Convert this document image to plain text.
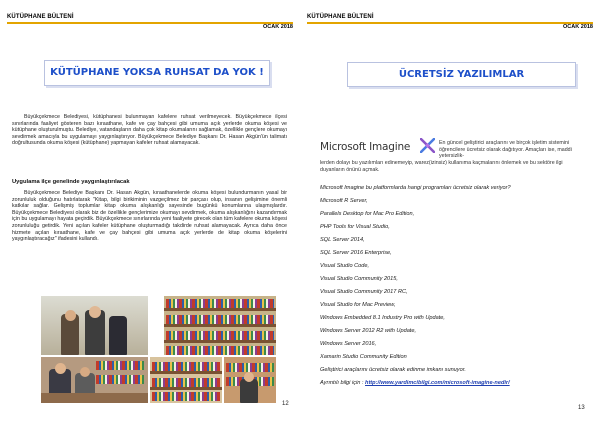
KÜTÜPHANE BÜLTENİ
OCAK 2018
KÜTÜPHANE YOKSA RUHSAT DA YOK !
Büyükçekmece Belediyesi, kütüphanesi bulunmayan kafelere ruhsat verilmeyecek. Büyükçekmece ilçesi sınırlarında faaliyet gösteren bazı kıraathane, kafe ve çay bahçesi gibi umuma açık yerlerde okuma köşesi ve kütüphane oluşturulmuştu. Belediye, vatandaşların daha çok kitap okumalarını sağlamak, özellikle gençlere okumayı sevdirmek amacıyla bu uygulamayı yaygınlaştırıyor. Büyükçekmece Belediye Başkanı Dr. Hasan Akgün'ün talimatı doğrultusunda okuma köşesi (kütüphane) yapmayan kafeler ruhsat alamayacak.
Uygulama ilçe genelinde yaygınlaştırılacak
Büyükçekmece Belediye Başkanı Dr. Hasan Akgün, kıraathanelerde okuma köşesi bulundurmanın yasal bir zorunluluk olduğunu hatırlatarak "Kitap, bilgi birikiminin vazgeçilmez bir parçası olup, insanın gelişimine önemli katkılar sağlar. Gelişmiş toplumlar kitap okuma alışkanlığı sayesinde bugünkü konumlarına ulaşmışlardır. Büyükçekmece Belediyesi olarak biz de özellikle gençlerimize okumayı sevdirmek, okuma alışkanlığını kazandırmak için bu uygulamayı hayata geçirdik. Büyükçekmece sınırlarında yeni faaliyete girecek olan tüm kafelere okuma köşesi zorunluluğu getirdik. Yeni açılan kafeler kütüphane oluşturmadığı takdirde ruhsat alamayacak. Ayrıca daha önce hizmete açılan kıraathane, kafe ve çay bahçesi gibi umuma açık yerlerde de kitap okuma köşelerini yaygınlaştıracağız" ifadesini kullandı.
12
KÜTÜPHANE BÜLTENİ
OCAK 2018
ÜCRETSİZ YAZILIMLAR
Microsoft Imagine	En güncel geliştirici araçlarını ve birçok işletim sistemini öğrencilere ücretsiz olarak dağıtıyor. Amaçları ise, maddi yetersizlik-
lerden dolayı bu yazılımları edinemeyip, warez(izinsiz) kullanıma kaçmalarını önlemek ve bu sektöre ilgi duyanların önünü açmak.
Microsoft Imagine bu platformlarda hangi programları ücretsiz olarak veriyor?
Microsoft R Server,
Parallels Desktop for Mac Pro Edition,
PHP Tools for Visual Studio,
SQL Server 2014,
SQL Server 2016 Enterprise,
Visual Studio Code,
Visual Studio Community 2015,
Visual Studio Community 2017 RC,
Visual Studio for Mac Preview,
Windows Embedded 8.1 Industry Pro with Update,
Windows Server 2012 R2 with Update,
Windows Server 2016,
Xamarin Studio Community Edition
Geliştirici araçlarını ücretsiz olarak edinme imkanı sunuyor.
Ayrıntılı bilgi için : http://www.yardimcibilgi.com/microsoft-imagine-nedir/
13
